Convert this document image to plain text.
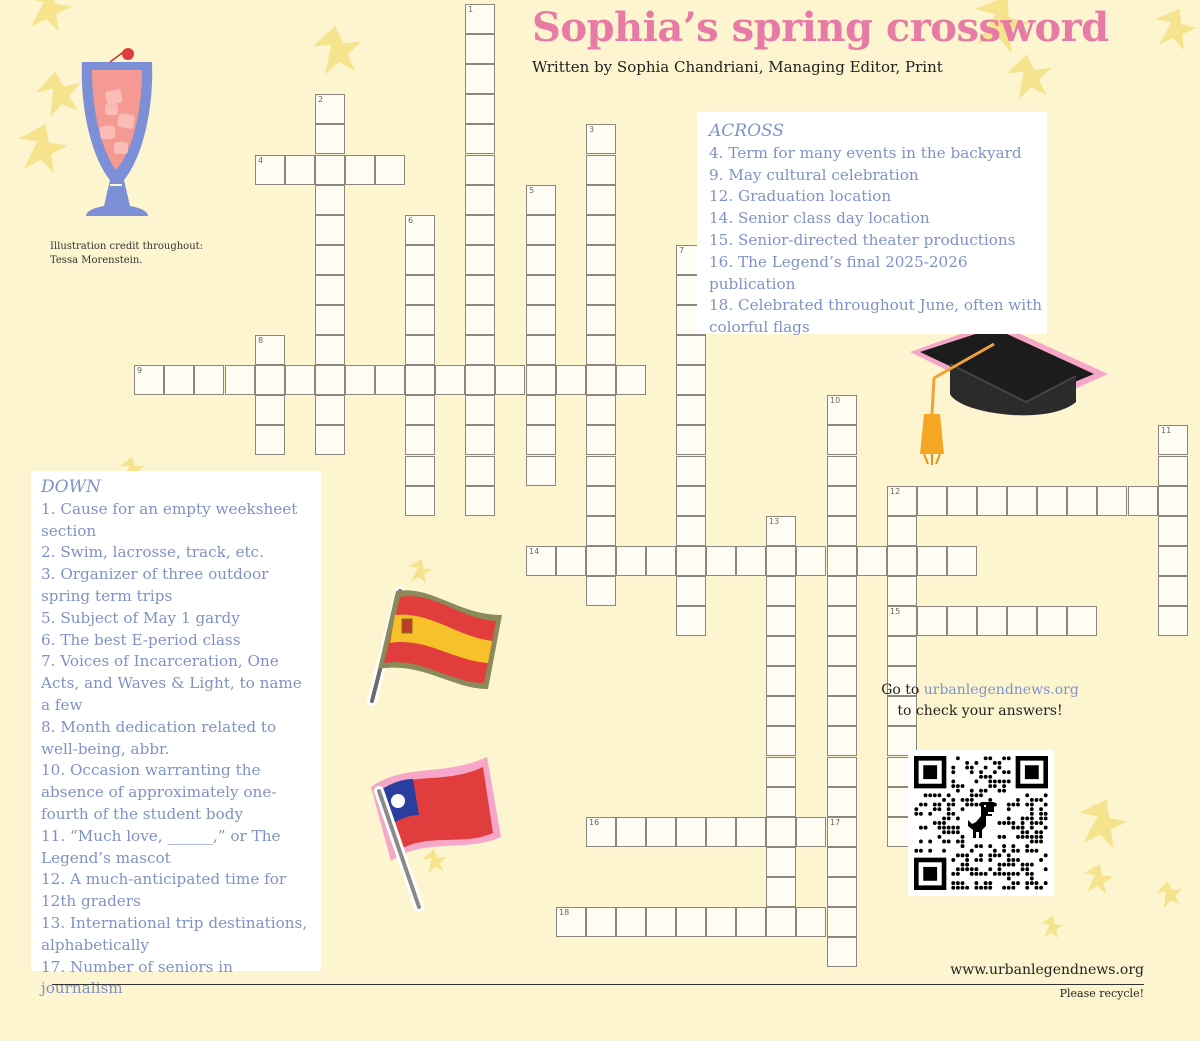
4
9
12
14
15
16	17
18
1
2
3
5
6
7
8
10
11
13
Sophia’s spring crossword
Written by Sophia Chandriani, Managing Editor, Print
Illustration credit throughout: Tessa Morenstein.
ACROSS
4. Term for many events in the backyard
9. May cultural celebration
12. Graduation location
14. Senior class day location
15. Senior-directed theater productions
16. The Legend’s final 2025-2026 publication
18. Celebrated throughout June, often with colorful flags
DOWN
1. Cause for an empty weeksheet section
2. Swim, lacrosse, track, etc.
3. Organizer of three outdoor spring term trips
5. Subject of May 1 gardy
6. The best E-period class
7. Voices of Incarceration, One Acts, and Waves & Light, to name a few
8. Month dedication related to well-being, abbr.
10. Occasion warranting the absence of approximately one-fourth of the student body
11. “Much love, ______,” or The Legend’s mascot
12. A much-anticipated time for 12th graders
13. International trip destinations, alphabetically
17. Number of seniors in journalism
Go to urbanlegendnews.org
to check your answers!
www.urbanlegendnews.org
Please recycle!
